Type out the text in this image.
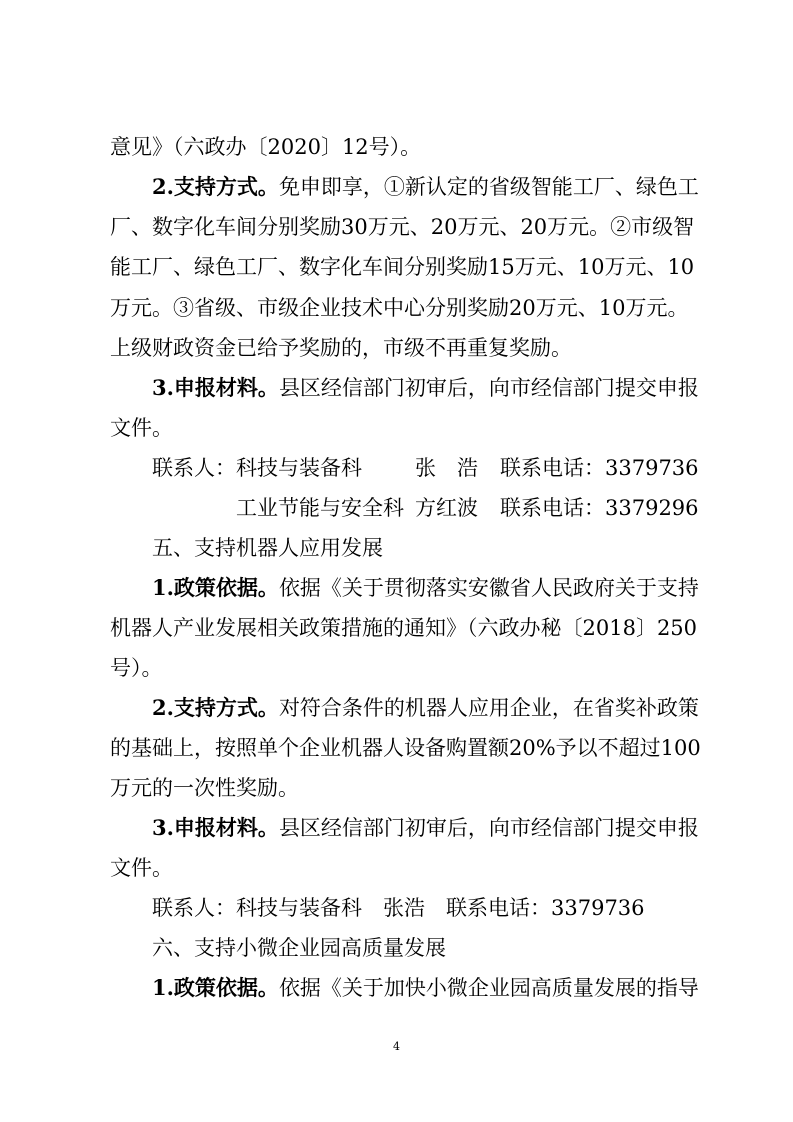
意见》（六政办〔2020〕12号）。
2.支持方式。免申即享，①新认定的省级智能工厂、绿色工
厂、数字化车间分别奖励30万元、20万元、20万元。②市级智
能工厂、绿色工厂、数字化车间分别奖励15万元、10万元、10
万元。③省级、市级企业技术中心分别奖励20万元、10万元。
上级财政资金已给予奖励的，市级不再重复奖励。
3.申报材料。县区经信部门初审后，向市经信部门提交申报
文件。
联系人： 科技与装备科	张　浩 联系电话：3379736
工业节能与安全科 方红波 联系电话：3379296
五、支持机器人应用发展
1.政策依据。依据《关于贯彻落实安徽省人民政府关于支持
机器人产业发展相关政策措施的通知》（六政办秘〔2018〕250
号）。
2.支持方式。对符合条件的机器人应用企业，在省奖补政策
的基础上，按照单个企业机器人设备购置额20%予以不超过100
万元的一次性奖励。
3.申报材料。县区经信部门初审后，向市经信部门提交申报
文件。
联系人：科技与装备科　张浩　联系电话：3379736
六、支持小微企业园高质量发展
1.政策依据。依据《关于加快小微企业园高质量发展的指导
4
